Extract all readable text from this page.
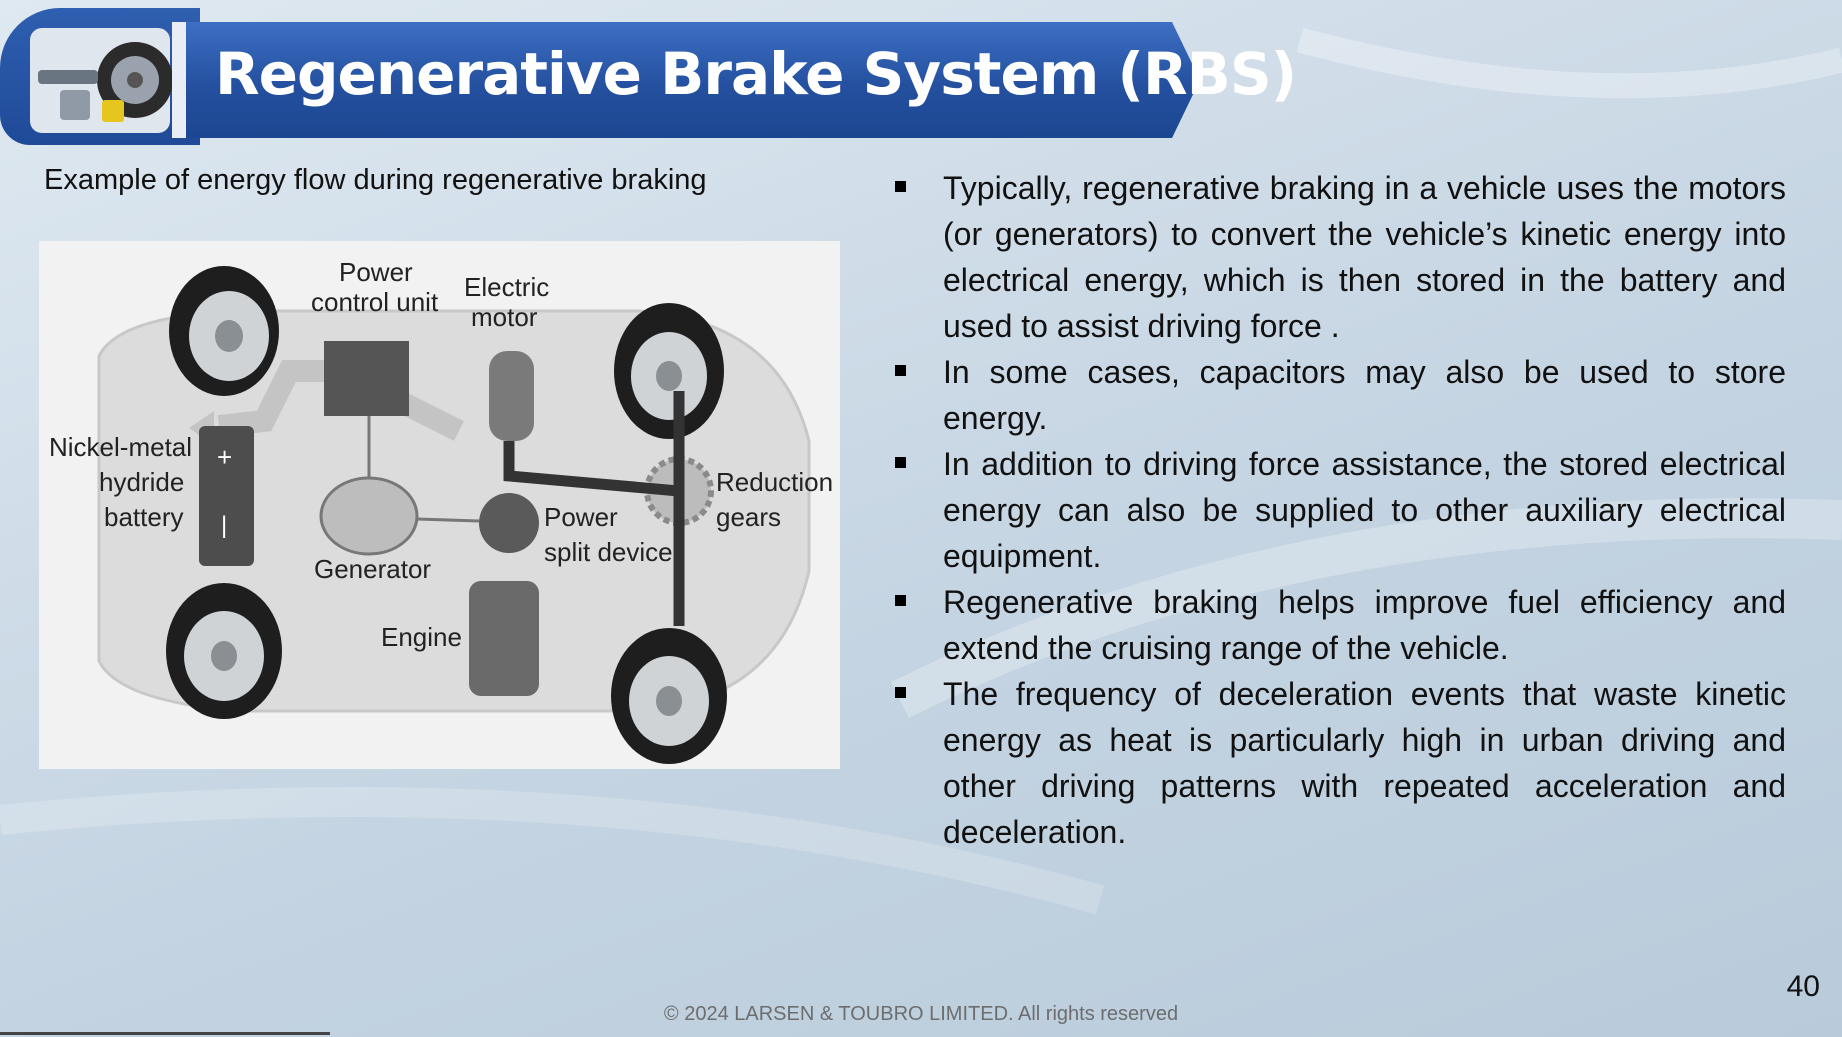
Regenerative Brake System (RBS)

Example of energy flow during regenerative braking

Power
control unit Electric
motor
Nickel-metal
hydride
battery
+
|
Reduction
gears
Power
split device
Generator
Engine
Typically, regenerative braking in a vehicle uses the motors (or generators) to convert the vehicle’s kinetic energy into electrical energy, which is then stored in the battery and used to assist driving force .
In some cases, capacitors may also be used to store energy.
In addition to driving force assistance, the stored electrical energy can also be supplied to other auxiliary electrical equipment.
Regenerative braking helps improve fuel efficiency and extend the cruising range of the vehicle.
The frequency of deceleration events that waste kinetic energy as heat is particularly high in urban driving and other driving patterns with repeated acceleration and deceleration.
40
© 2024 LARSEN & TOUBRO LIMITED. All rights reserved
